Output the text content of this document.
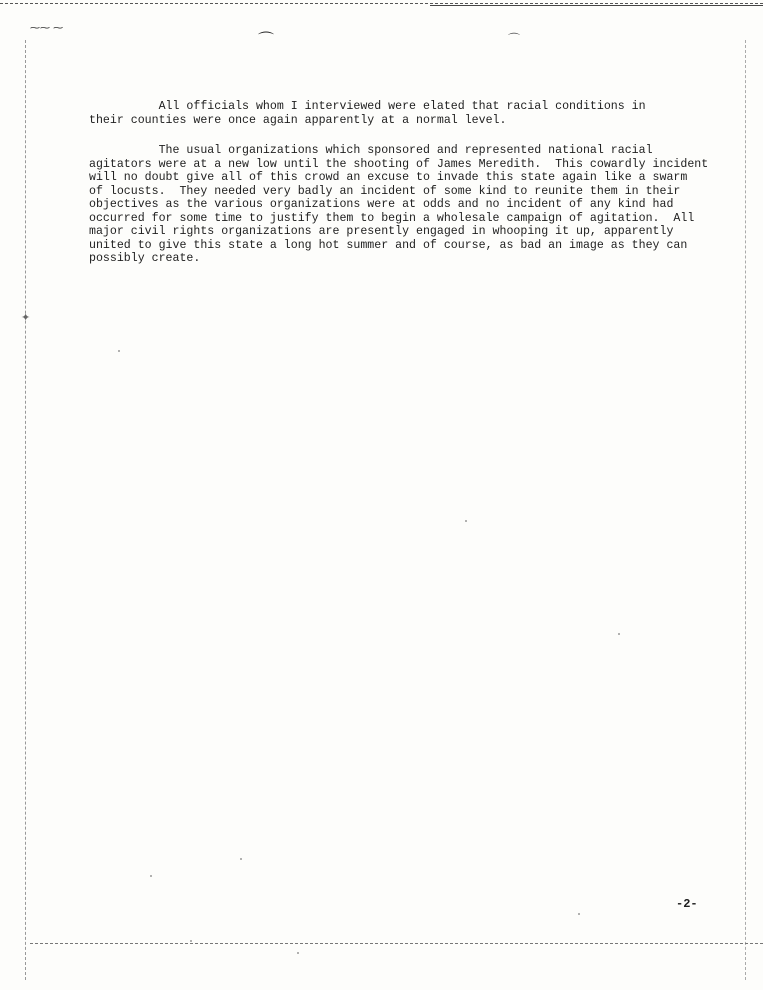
⁓⁓ ⁓
⌒	⌒
✦

All officials whom I interviewed were elated that racial conditions in
their counties were once again apparently at a normal level.

The usual organizations which sponsored and represented national racial
agitators were at a new low until the shooting of James Meredith.  This cowardly incident
will no doubt give all of this crowd an excuse to invade this state again like a swarm
of locusts.  They needed very badly an incident of some kind to reunite them in their
objectives as the various organizations were at odds and no incident of any kind had
occurred for some time to justify them to begin a wholesale campaign of agitation.  All
major civil rights organizations are presently engaged in whooping it up, apparently
united to give this state a long hot summer and of course, as bad an image as they can
possibly create.

-2-
